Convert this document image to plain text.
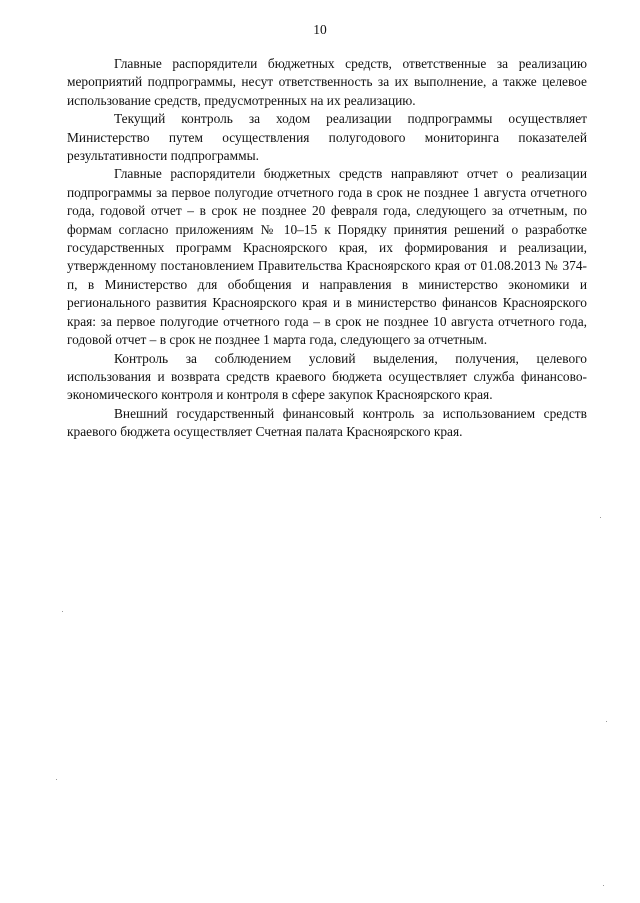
10

Главные распорядители бюджетных средств, ответственные за реализацию мероприятий подпрограммы, несут ответственность за их выполнение, а также целевое использование средств, предусмотренных на их реализацию.

Текущий контроль за ходом реализации подпрограммы осуществляет Министерство путем осуществления полугодового мониторинга показателей результативности подпрограммы.

Главные распорядители бюджетных средств направляют отчет о реализации подпрограммы за первое полугодие отчетного года в срок не позднее 1 августа отчетного года, годовой отчет – в срок не позднее 20 февраля года, следующего за отчетным, по формам согласно приложениям № 10–15 к Порядку принятия решений о разработке государственных программ Красноярского края, их формирования и реализации, утвержденному постановлением Правительства Красноярского края от 01.08.2013 № 374-п, в Министерство для обобщения и направления в министерство экономики и регионального развития Красноярского края и в министерство финансов Красноярского края: за первое полугодие отчетного года – в срок не позднее 10 августа отчетного года, годовой отчет – в срок не позднее 1 марта года, следующего за отчетным.

Контроль за соблюдением условий выделения, получения, целевого использования и возврата средств краевого бюджета осуществляет служба финансово-экономического контроля и контроля в сфере закупок Красноярского края.

Внешний государственный финансовый контроль за использованием средств краевого бюджета осуществляет Счетная палата Красноярского края.
